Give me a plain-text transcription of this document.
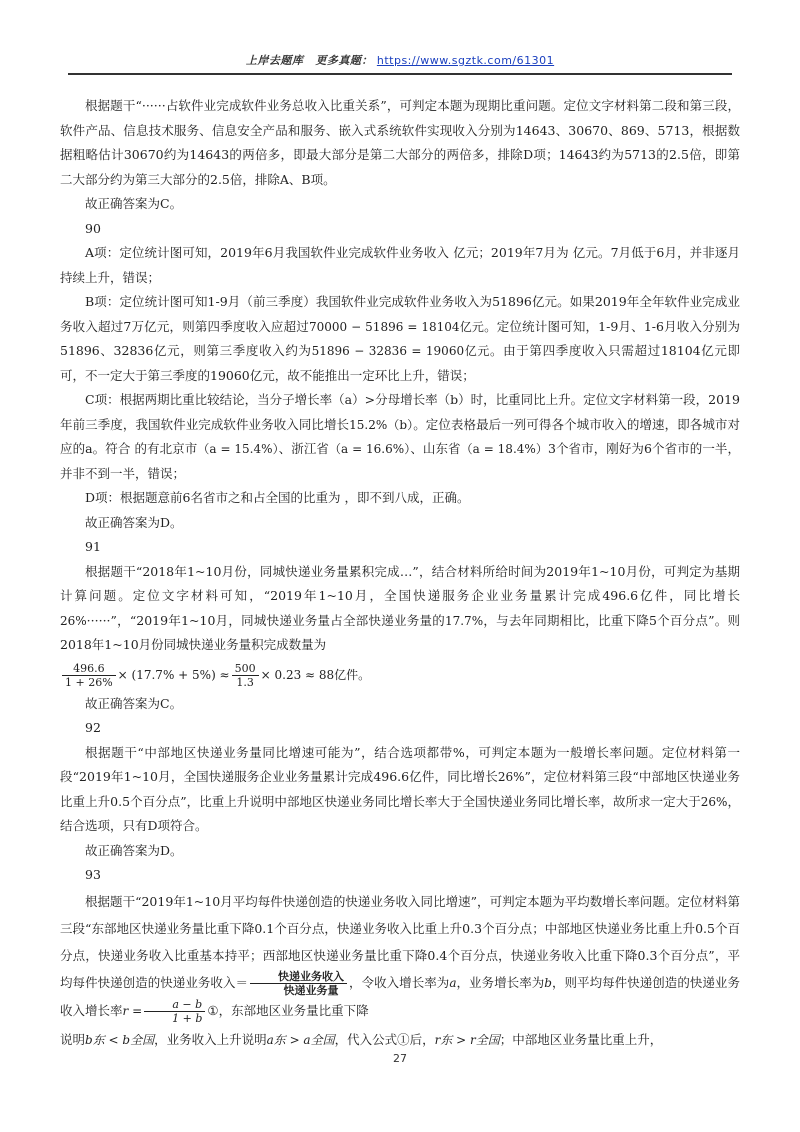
上岸去题库 更多真题： https://www.sgztk.com/61301

根据题干“······占软件业完成软件业务总收入比重关系”，可判定本题为现期比重问题。定位文字材料第二段和第三段，软件产品、信息技术服务、信息安全产品和服务、嵌入式系统软件实现收入分别为14643、30670、869、5713，根据数据粗略估计30670约为14643的两倍多，即最大部分是第二大部分的两倍多，排除D项；14643约为5713的2.5倍，即第二大部分约为第三大部分的2.5倍，排除A、B项。

故正确答案为C。

90

A项：定位统计图可知，2019年6月我国软件业完成软件业务收入 亿元；2019年7月为 亿元。7月低于6月，并非逐月持续上升，错误；

B项：定位统计图可知1-9月（前三季度）我国软件业完成软件业务收入为51896亿元。如果2019年全年软件业完成业务收入超过7万亿元，则第四季度收入应超过70000 − 51896 = 18104亿元。定位统计图可知，1-9月、1-6月收入分别为51896、32836亿元，则第三季度收入约为51896 − 32836 = 19060亿元。由于第四季度收入只需超过18104亿元即可，不一定大于第三季度的19060亿元，故不能推出一定环比上升，错误；

C项：根据两期比重比较结论，当分子增长率（a）>分母增长率（b）时，比重同比上升。定位文字材料第一段，2019年前三季度，我国软件业完成软件业务收入同比增长15.2%（b）。定位表格最后一列可得各个城市收入的增速，即各城市对应的a。符合 的有北京市（a = 15.4%）、浙江省（a = 16.6%）、山东省（a = 18.4%）3个省市，刚好为6个省市的一半，并非不到一半，错误；

D项：根据题意前6名省市之和占全国的比重为 ，即不到八成，正确。

故正确答案为D。

91

根据题干“2018年1~10月份，同城快递业务量累积完成…”，结合材料所给时间为2019年1~10月份，可判定为基期计算问题。定位文字材料可知，“2019年1~10月，全国快递服务企业业务量累计完成496.6亿件，同比增长26%······”，“2019年1~10月，同城快递业务量占全部快递业务量的17.7%，与去年同期相比，比重下降5个百分点”。则2018年1~10月份同城快递业务量积完成数量为

$\frac{496.6}{1 + 26\%} \times (17.7\% + 5\%) \approx \frac{500}{1.3} \times 0.23 \approx 88$亿件。

故正确答案为C。

92

根据题干“中部地区快递业务量同比增速可能为”，结合选项都带%，可判定本题为一般增长率问题。定位材料第一段“2019年1~10月，全国快递服务企业业务量累计完成496.6亿件，同比增长26%”，定位材料第三段“中部地区快递业务比重上升0.5个百分点”，比重上升说明中部地区快递业务同比增长率大于全国快递业务同比增长率，故所求一定大于26%，结合选项，只有D项符合。

故正确答案为D。

93

根据题干“2019年1~10月平均每件快递创造的快递业务收入同比增速”，可判定本题为平均数增长率问题。定位材料第三段“东部地区快递业务量比重下降0.1个百分点，快递业务收入比重上升0.3个百分点；中部地区快递业务比重上升0.5个百分点，快递业务收入比重基本持平；西部地区快递业务量比重下降0.4个百分点，快递业务收入比重下降0.3个百分点”，平均每件快递创造的快递业务收入＝ $\frac{\text{快递业务收入}}{\text{快递业务量}}$ ，令收入增长率为a，业务增长率为b，则平均每件快递创造的快递业务收入增长率$r = \frac{a - b}{1 + b}$ ①，东部地区业务量比重下降

说明b东 < b全国，业务收入上升说明a东 > a全国，代入公式①后，r东 > r全国；中部地区业务量比重上升，

27
